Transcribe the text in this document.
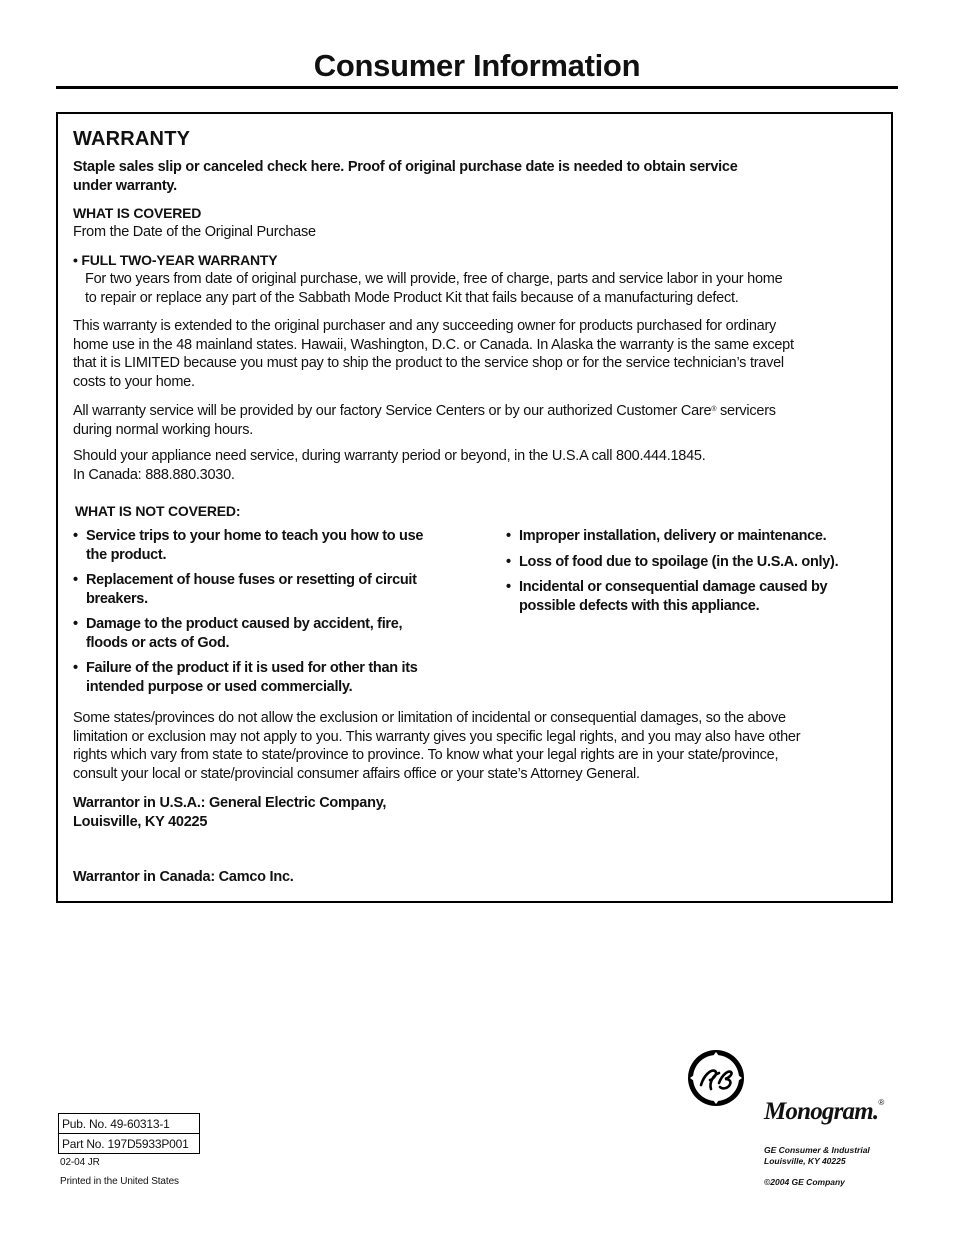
Consumer Information
WARRANTY
Staple sales slip or canceled check here. Proof of original purchase date is needed to obtain service
under warranty.
WHAT IS COVERED
From the Date of the Original Purchase
• FULL TWO-YEAR WARRANTY
For two years from date of original purchase, we will provide, free of charge, parts and service labor in your home
to repair or replace any part of the Sabbath Mode Product Kit that fails because of a manufacturing defect.
This warranty is extended to the original purchaser and any succeeding owner for products purchased for ordinary
home use in the 48 mainland states. Hawaii, Washington, D.C. or Canada. In Alaska the warranty is the same except
that it is LIMITED because you must pay to ship the product to the service shop or for the service technician’s travel
costs to your home.
All warranty service will be provided by our factory Service Centers or by our authorized Customer Care® servicers
during normal working hours.
Should your appliance need service, during warranty period or beyond, in the U.S.A call 800.444.1845.
In Canada: 888.880.3030.
WHAT IS NOT COVERED:
• Service trips to your home to teach you how to use
the product.
• Replacement of house fuses or resetting of circuit
breakers.
• Damage to the product caused by accident, fire,
floods or acts of God.
• Failure of the product if it is used for other than its
intended purpose or used commercially.
• Improper installation, delivery or maintenance.
• Loss of food due to spoilage (in the U.S.A. only).
• Incidental or consequential damage caused by
possible defects with this appliance.
Some states/provinces do not allow the exclusion or limitation of incidental or consequential damages, so the above
limitation or exclusion may not apply to you. This warranty gives you specific legal rights, and you may also have other
rights which vary from state to state/province to province. To know what your legal rights are in your state/province,
consult your local or state/provincial consumer affairs office or your state’s Attorney General.
Warrantor in U.S.A.: General Electric Company,
Louisville, KY 40225
Warrantor in Canada: Camco Inc.
Pub. No. 49-60313-1
Part No. 197D5933P001
02-04 JR
Printed in the United States
Monogram.®
GE Consumer & Industrial
Louisville, KY 40225
©2004 GE Company
